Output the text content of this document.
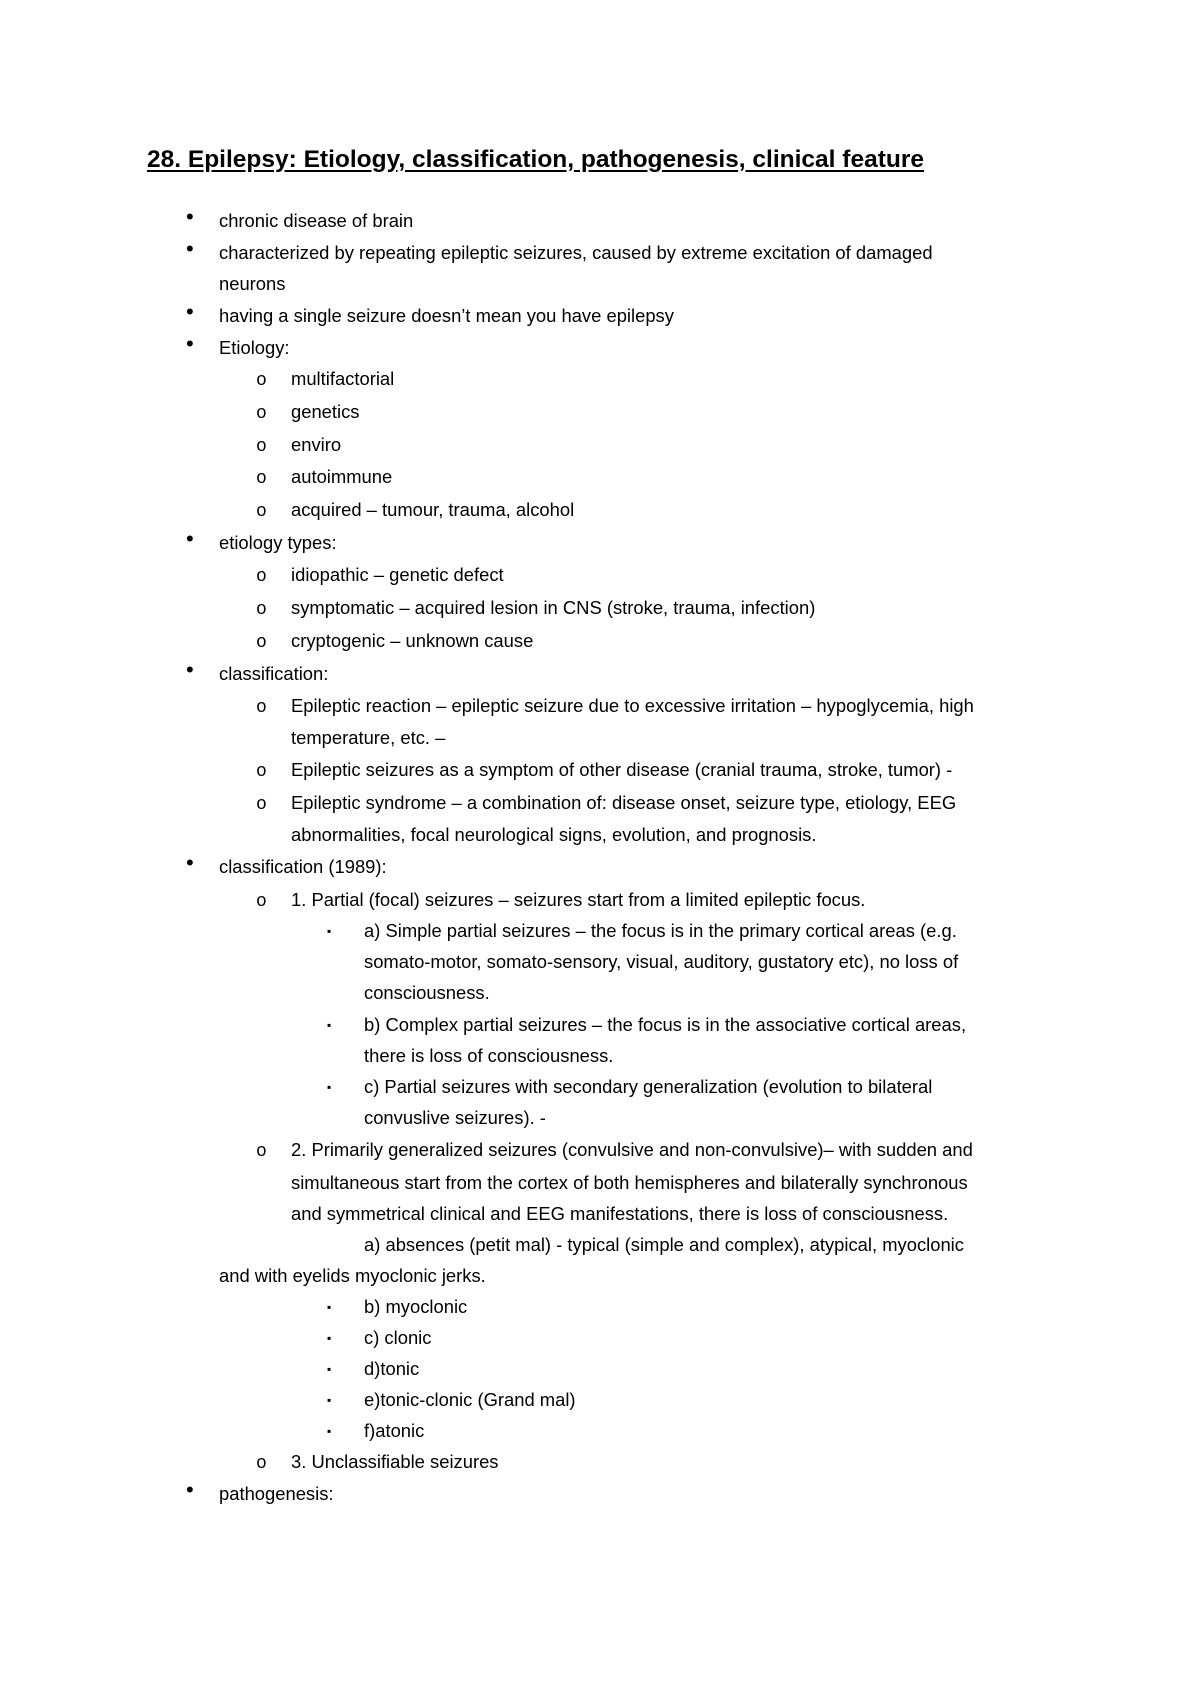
28. Epilepsy: Etiology, classification, pathogenesis, clinical feature
• chronic disease of brain
• characterized by repeating epileptic seizures, caused by extreme excitation of damaged
neurons
• having a single seizure doesn’t mean you have epilepsy
• Etiology:
o multifactorial
o genetics
o enviro
o autoimmune
o acquired – tumour, trauma, alcohol
• etiology types:
o idiopathic – genetic defect
o symptomatic – acquired lesion in CNS (stroke, trauma, infection)
o cryptogenic – unknown cause
• classification:
o Epileptic reaction – epileptic seizure due to excessive irritation – hypoglycemia, high
temperature, etc. –
o Epileptic seizures as a symptom of other disease (cranial trauma, stroke, tumor) -
o Epileptic syndrome – a combination of: disease onset, seizure type, etiology, EEG
abnormalities, focal neurological signs, evolution, and prognosis.
• classification (1989):
o 1. Partial (focal) seizures – seizures start from a limited epileptic focus.
▪ a) Simple partial seizures – the focus is in the primary cortical areas (e.g.
somato-motor, somato-sensory, visual, auditory, gustatory etc), no loss of
consciousness.
▪ b) Complex partial seizures – the focus is in the associative cortical areas,
there is loss of consciousness.
▪ c) Partial seizures with secondary generalization (evolution to bilateral
convuslive seizures). -
o 2. Primarily generalized seizures (convulsive and non-convulsive)– with sudden and
simultaneous start from the cortex of both hemispheres and bilaterally synchronous
and symmetrical clinical and EEG manifestations, there is loss of consciousness.
a) absences (petit mal) - typical (simple and complex), atypical, myoclonic
and with eyelids myoclonic jerks.
▪ b) myoclonic
▪ c) clonic
▪ d)tonic
▪ e)tonic-clonic (Grand mal)
▪ f)atonic
o 3. Unclassifiable seizures
• pathogenesis:
